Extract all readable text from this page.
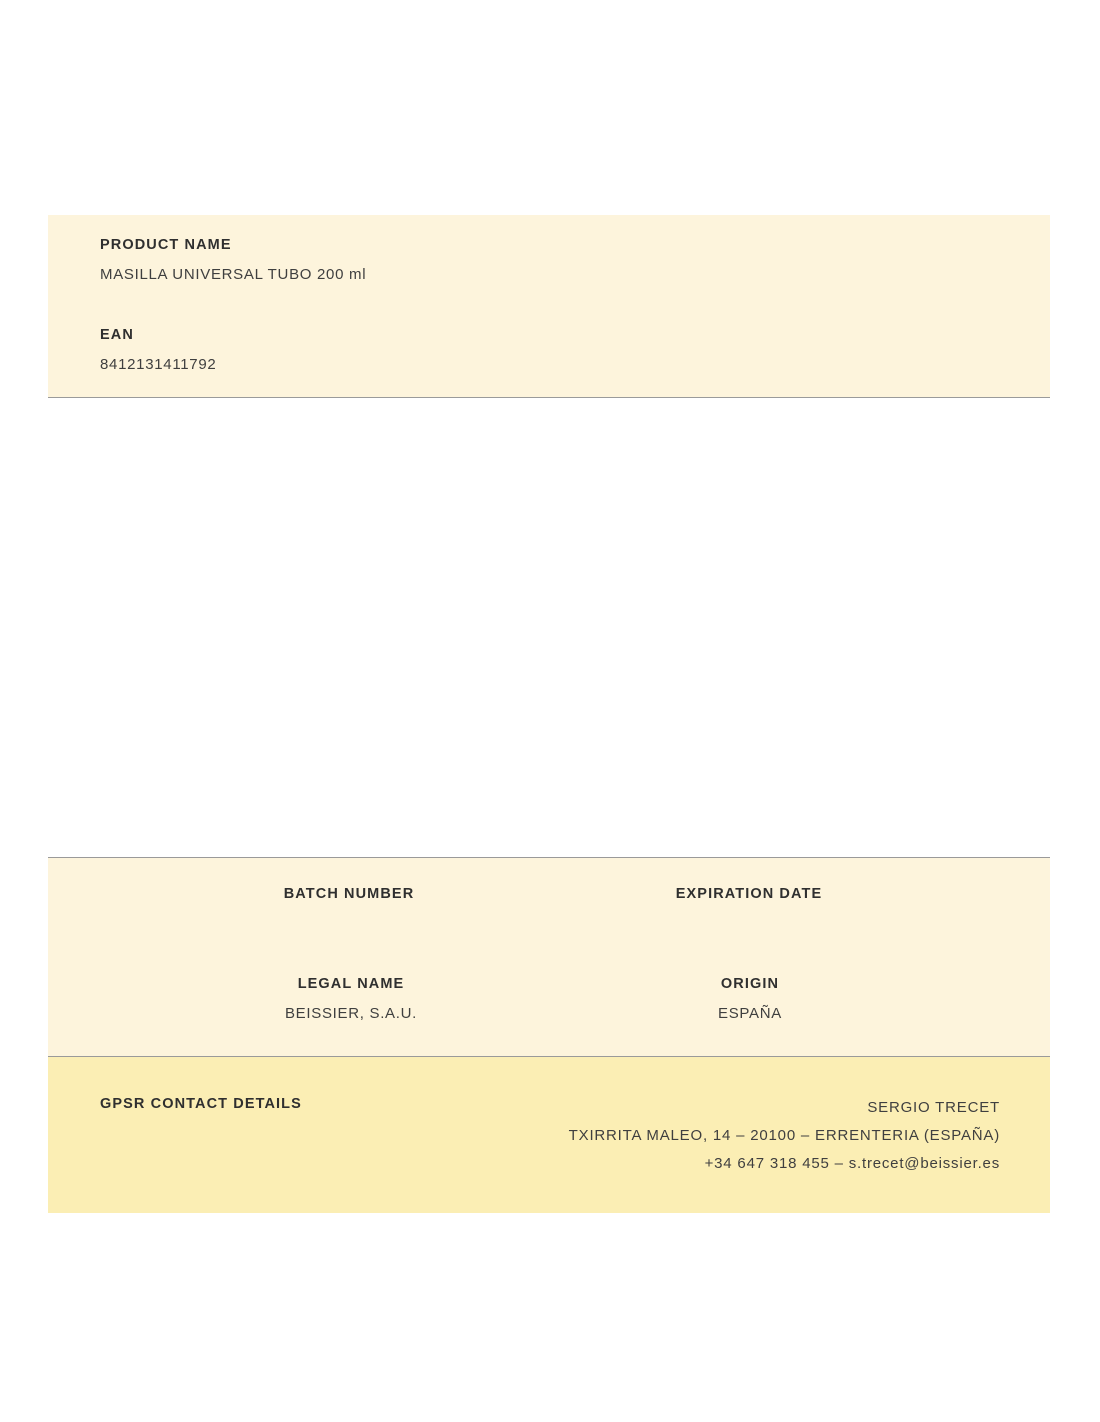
PRODUCT NAME
MASILLA UNIVERSAL TUBO 200 ml
EAN
8412131411792
BATCH NUMBER	EXPIRATION DATE
LEGAL NAME
BEISSIER, S.A.U.
ORIGIN
ESPAÑA
GPSR CONTACT DETAILS	SERGIO TRECET
TXIRRITA MALEO, 14 – 20100 – ERRENTERIA (ESPAÑA)
+34 647 318 455 – s.trecet@beissier.es
